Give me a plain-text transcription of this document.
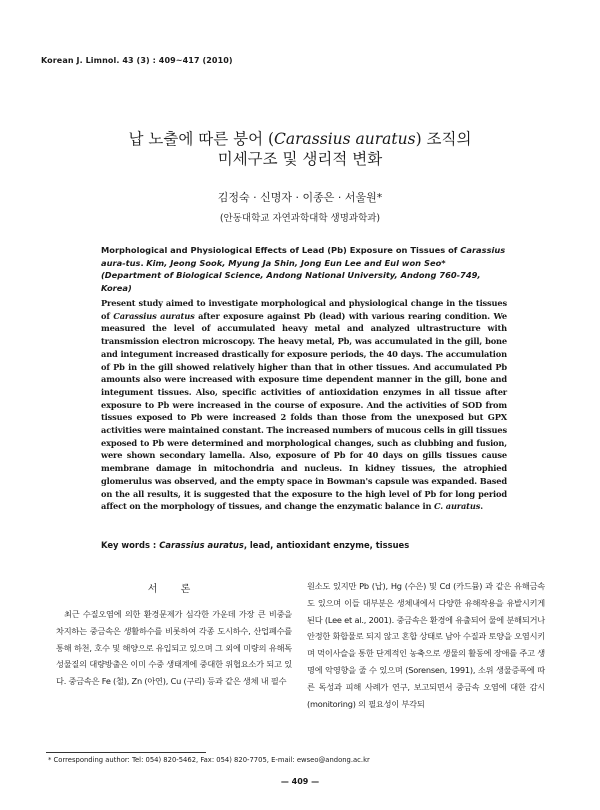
Korean J. Limnol. 43 (3) : 409~417 (2010)
납 노출에 따른 붕어 (Carassius auratus) 조직의
미세구조 및 생리적 변화
김정숙 · 신명자 · 이종은 · 서울원*
(안동대학교 자연과학대학 생명과학과)
Morphological and Physiological Effects of Lead (Pb) Exposure on Tissues of Carassius aura-tus. Kim, Jeong Sook, Myung Ja Shin, Jong Eun Lee and Eul won Seo* (Department of Biological Science, Andong National University, Andong 760-749, Korea)
Present study aimed to investigate morphological and physiological change in the tissues of Carassius auratus after exposure against Pb (lead) with various rearing condition. We measured the level of accumulated heavy metal and analyzed ultrastructure with transmission electron microscopy. The heavy metal, Pb, was accumulated in the gill, bone and integument increased drastically for exposure periods, the 40 days. The accumulation of Pb in the gill showed relatively higher than that in other tissues. And accumulated Pb amounts also were increased with exposure time dependent manner in the gill, bone and integument tissues. Also, specific activities of antioxidation enzymes in all tissue after exposure to Pb were increased in the course of exposure. And the activities of SOD from tissues exposed to Pb were increased 2 folds than those from the unexposed but GPX activities were maintained constant. The increased numbers of mucous cells in gill tissues exposed to Pb were determined and morphological changes, such as clubbing and fusion, were shown secondary lamella. Also, exposure of Pb for 40 days on gills tissues cause membrane damage in mitochondria and nucleus. In kidney tissues, the atrophied glomerulus was observed, and the empty space in Bowman's capsule was expanded. Based on the all results, it is suggested that the exposure to the high level of Pb for long period affect on the morphology of tissues, and change the enzymatic balance in C. auratus.
Key words : Carassius auratus, lead, antioxidant enzyme, tissues
서 론
최근 수질오염에 의한 환경문제가 심각한 가운데 가장 큰 비중을 차지하는 중금속은 생활하수를 비롯하여 각종 도시하수, 산업폐수를 통해 하천, 호수 및 해양으로 유입되고 있으며 그 외에 미량의 유해독성물질의 대량방출은 이미 수중 생태계에 중대한 위협요소가 되고 있다. 중금속은 Fe (철), Zn (아연), Cu (구리) 등과 같은 생체 내 필수
원소도 있지만 Pb (납), Hg (수은) 및 Cd (카드뮴) 과 같은 유해금속도 있으며 이들 대부분은 생체내에서 다양한 유해작용을 유발시키게 된다 (Lee et al., 2001). 중금속은 환경에 유출되어 물에 분해되거나 안정한 화합물로 되지 않고 혼합 상태로 남아 수질과 토양을 오염시키며 먹이사슬을 통한 단계적인 농축으로 생물의 활동에 장애를 주고 생명에 악영향을 줄 수 있으며 (Sorensen, 1991), 소위 생물증폭에 따른 독성과 피해 사례가 연구, 보고되면서 중금속 오염에 대한 감시 (monitoring) 의 필요성이 부각되
* Corresponding author: Tel: 054) 820-5462, Fax: 054) 820-7705, E-mail: ewseo@andong.ac.kr
— 409 —
